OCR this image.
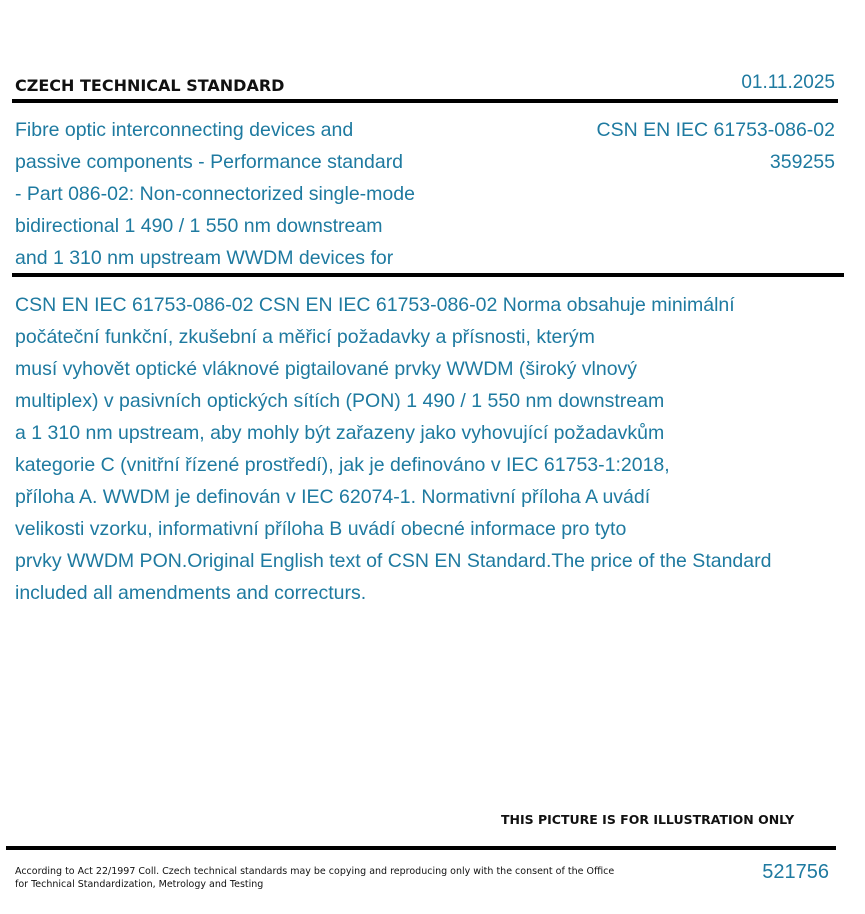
CZECH TECHNICAL STANDARD	01.11.2025
Fibre optic interconnecting devices and
passive components - Performance standard
- Part 086-02: Non-connectorized single-mode
bidirectional 1 490 / 1 550 nm downstream
and 1 310 nm upstream WWDM devices for
CSN EN IEC 61753-086-02
359255
CSN EN IEC 61753-086-02 CSN EN IEC 61753-086-02 Norma obsahuje minimální
počáteční funkční, zkušební a měřicí požadavky a přísnosti, kterým
musí vyhovět optické vláknové pigtailované prvky WWDM (široký vlnový
multiplex) v pasivních optických sítích (PON) 1 490 / 1 550 nm downstream
a 1 310 nm upstream, aby mohly být zařazeny jako vyhovující požadavkům
kategorie C (vnitřní řízené prostředí), jak je definováno v IEC 61753-1:2018,
příloha A. WWDM je definován v IEC 62074-1. Normativní příloha A uvádí
velikosti vzorku, informativní příloha B uvádí obecné informace pro tyto
prvky WWDM PON.Original English text of CSN EN Standard.The price of the Standard
included all amendments and correcturs.
THIS PICTURE IS FOR ILLUSTRATION ONLY
According to Act 22/1997 Coll. Czech technical standards may be copying and reproducing only with the consent of the Office
for Technical Standardization, Metrology and Testing
521756
